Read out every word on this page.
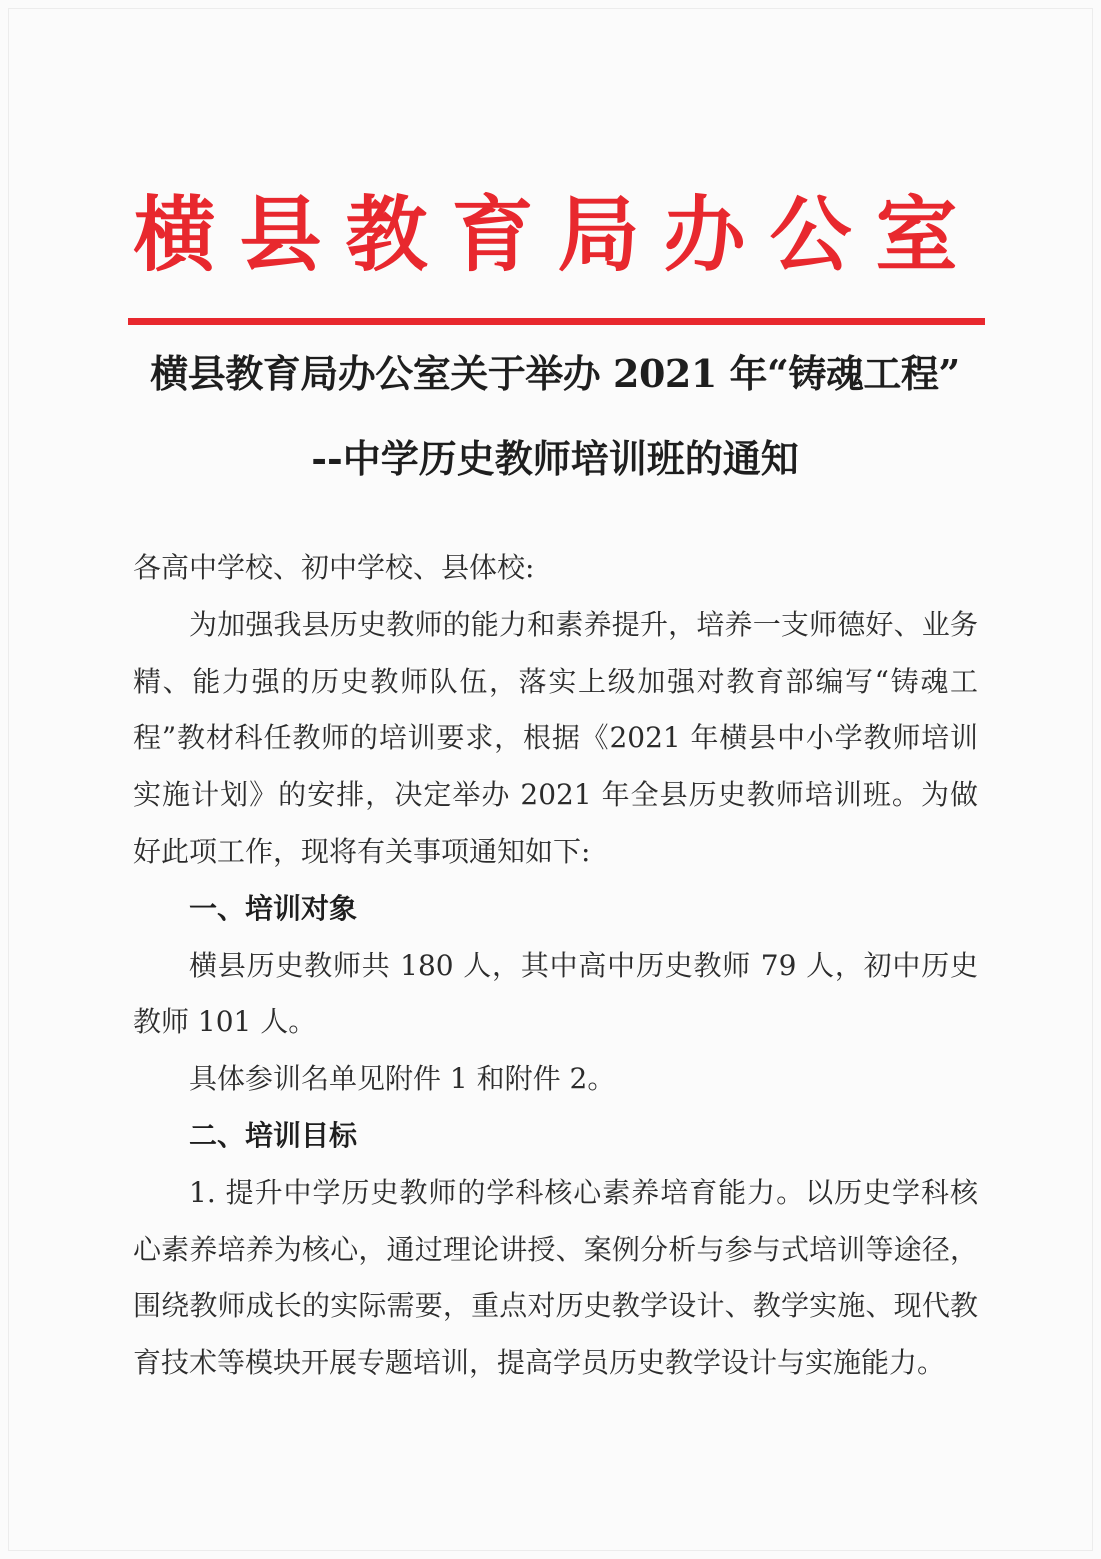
横县教育局办公室
横县教育局办公室关于举办 2021 年“铸魂工程”
--中学历史教师培训班的通知

各高中学校、初中学校、县体校:

为加强我县历史教师的能力和素养提升，培养一支师德好、业务精、能力强的历史教师队伍，落实上级加强对教育部编写“铸魂工程”教材科任教师的培训要求，根据《2021 年横县中小学教师培训实施计划》的安排，决定举办 2021 年全县历史教师培训班。为做好此项工作，现将有关事项通知如下:

一、培训对象

横县历史教师共 180 人，其中高中历史教师 79 人，初中历史教师 101 人。

具体参训名单见附件 1 和附件 2。

二、培训目标

1. 提升中学历史教师的学科核心素养培育能力。以历史学科核心素养培养为核心，通过理论讲授、案例分析与参与式培训等途径，围绕教师成长的实际需要，重点对历史教学设计、教学实施、现代教育技术等模块开展专题培训，提高学员历史教学设计与实施能力。
